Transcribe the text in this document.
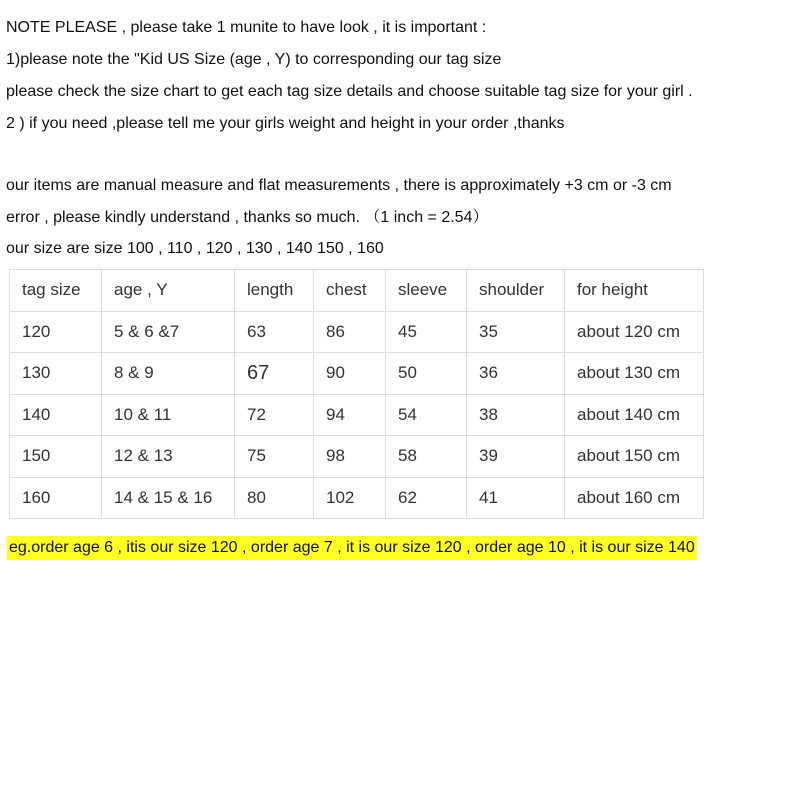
NOTE PLEASE , please take 1 munite to have look , it is important :

1)please note the "Kid US Size (age , Y) to corresponding our tag size

please check the size chart to get each tag size details and choose suitable tag size for your girl .

2 ) if you need ,please tell me your girls weight and height in your order ,thanks

our items are manual measure and flat measurements , there is approximately +3 cm or -3 cm

error , please kindly understand , thanks so much. （1 inch = 2.54）

our size are size 100 , 110 , 120 , 130 , 140 150 , 160

tag size	age , Y	length	chest	sleeve	shoulder	for height
120	5 & 6 &7	63	86	45	35	about 120 cm
130	8 & 9	67	90	50	36	about 130 cm
140	10 & 11	72	94	54	38	about 140 cm
150	12 & 13	75	98	58	39	about 150 cm
160	14 & 15 & 16	80	102	62	41	about 160 cm
eg.order age 6 , itis our size 120 , order age 7 , it is our size 120 , order age 10 , it is our size 140
